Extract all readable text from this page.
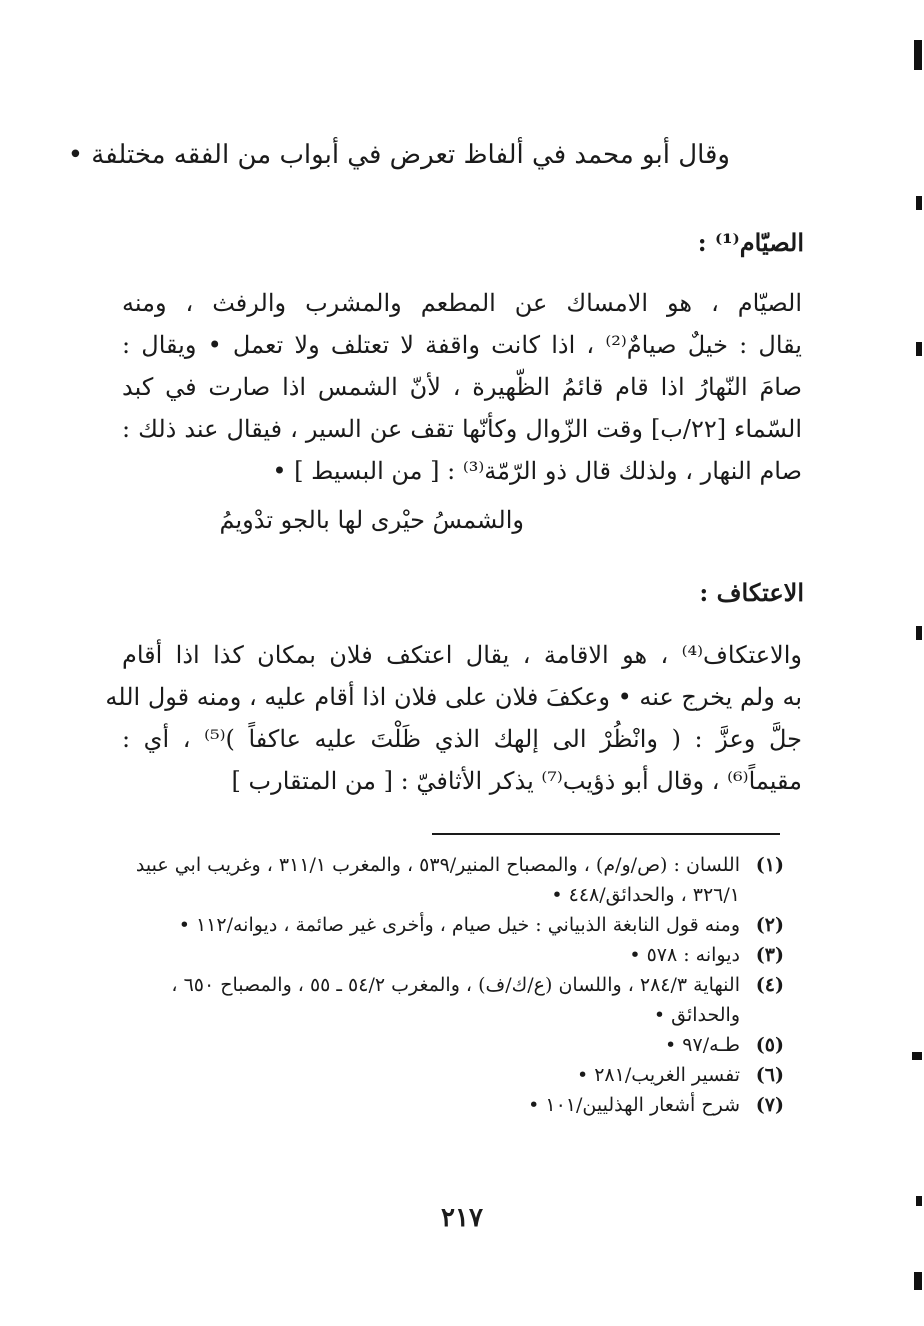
وقال أبو محمد في ألفاظ تعرض في أبواب من الفقه مختلفة •
الصيّام⁽¹⁾ :
الصيّام ، هو الامساك عن المطعم والمشرب والرفث ، ومنه
يقال : خيلٌ صيامٌ⁽²⁾ ، اذا كانت واقفة لا تعتلف ولا تعمل • ويقال :
صامَ النّهارُ اذا قام قائمُ الظّهيرة ، لأنّ الشمس اذا صارت في كبد
السّماء [٢٢/ب] وقت الزّوال وكأنّها تقف عن السير ، فيقال عند ذلك :
صام النهار ، ولذلك قال ذو الرّمّة⁽³⁾ : [ من البسيط ] •
والشمسُ حيْرى لها بالجو تدْويمُ
الاعتكاف :
والاعتكاف⁽⁴⁾ ، هو الاقامة ، يقال اعتكف فلان بمكان كذا اذا أقام
به ولم يخرج عنه • وعكفَ فلان على فلان اذا أقام عليه ، ومنه قول الله
جلَّ وعزَّ : ( وانْظُرْ الى إلهك الذي ظَلْتَ عليه عاكفاً )⁽⁵⁾ ، أي :
مقيماً⁽⁶⁾ ، وقال أبو ذؤيب⁽⁷⁾ يذكر الأثافيّ : [ من المتقارب ]
(١)
اللسان : (ص/و/م) ، والمصباح المنير/٥٣٩ ، والمغرب ٣١١/١ ، وغريب ابي عبيد ٣٢٦/١ ، والحدائق/٤٤٨ •
(٢)
ومنه قول النابغة الذبياني : خيل صيام ، وأخرى غير صائمة ، ديوانه/١١٢ •
(٣)
ديوانه : ٥٧٨ •
(٤)
النهاية ٢٨٤/٣ ، واللسان (ع/ك/ف) ، والمغرب ٥٤/٢ ـ ٥٥ ، والمصباح ٦٥٠ ، والحدائق •
(٥)
طـه/٩٧ •
(٦)
تفسير الغريب/٢٨١ •
(٧)
شرح أشعار الهذليين/١٠١ •
٢١٧
